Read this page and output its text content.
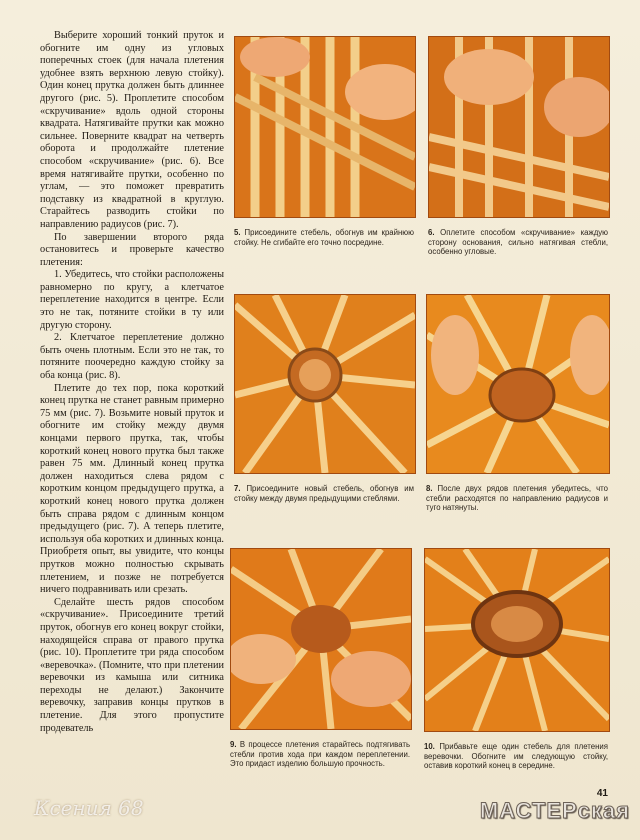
Выберите хороший тонкий пруток и обогните им одну из угловых поперечных стоек (для начала плетения удобнее взять верхнюю левую стойку). Один конец прутка должен быть длиннее другого (рис. 5). Проплетите способом «скручивание» вдоль одной стороны квадрата. Натягивайте прутки как можно сильнее. Поверните квадрат на четверть оборота и продолжайте плетение способом «скручивание» (рис. 6). Все время натягивайте прутки, особенно по углам, — это поможет превратить подставку из квадратной в круглую. Старайтесь разводить стойки по направлению радиусов (рис. 7).

По завершении второго ряда остановитесь и проверьте качество плетения:

1. Убедитесь, что стойки расположены равномерно по кругу, а клетчатое переплетение находится в центре. Если это не так, потяните стойки в ту или другую сторону.

2. Клетчатое переплетение должно быть очень плотным. Если это не так, то потяните поочередно каждую стойку за оба конца (рис. 8).

Плетите до тех пор, пока короткий конец прутка не станет равным примерно 75 мм (рис. 7). Возьмите новый пруток и обогните им стойку между двумя концами первого прутка, так, чтобы короткий конец нового прутка был также равен 75 мм. Длинный конец прутка должен находиться слева рядом с коротким концом предыдущего прутка, а короткий конец нового прутка должен быть справа рядом с длинным концом предыдущего (рис. 7). А теперь плетите, используя оба коротких и длинных конца. Приобретя опыт, вы увидите, что концы прутков можно полностью скрывать плетением, и позже не потребуется ничего подравнивать или срезать.

Сделайте шесть рядов способом «скручивание». Присоедините третий пруток, обогнув его конец вокруг стойки, находящейся справа от правого прутка (рис. 10). Проплетите три ряда способом «веревочка». (Помните, что при плетении веревочки из камыша или ситника переходы не делают.) Закончите веревочку, заправив концы прутков в плетение. Для этого пропустите продеватель

5. Присоедините стебель, обогнув им крайнюю стойку. Не сгибайте его точно посредине.
6. Оплетите способом «скручивание» каждую сторону основания, сильно натягивая стебли, особенно угловые.
7. Присоедините новый стебель, обогнув им стойку между двумя предыдущими стеблями.
8. После двух рядов плетения убедитесь, что стебли расходятся по направлению радиусов и туго натянуты.
9. В процессе плетения старайтесь подтягивать стебли против хода при каждом переплетении. Это придаст изделию большую прочность.
10. Прибавьте еще один стебель для плетения веревочки. Обогните им следующую стойку, оставив короткий конец в середине.
41
Ксения 68	МАСТЕРская
